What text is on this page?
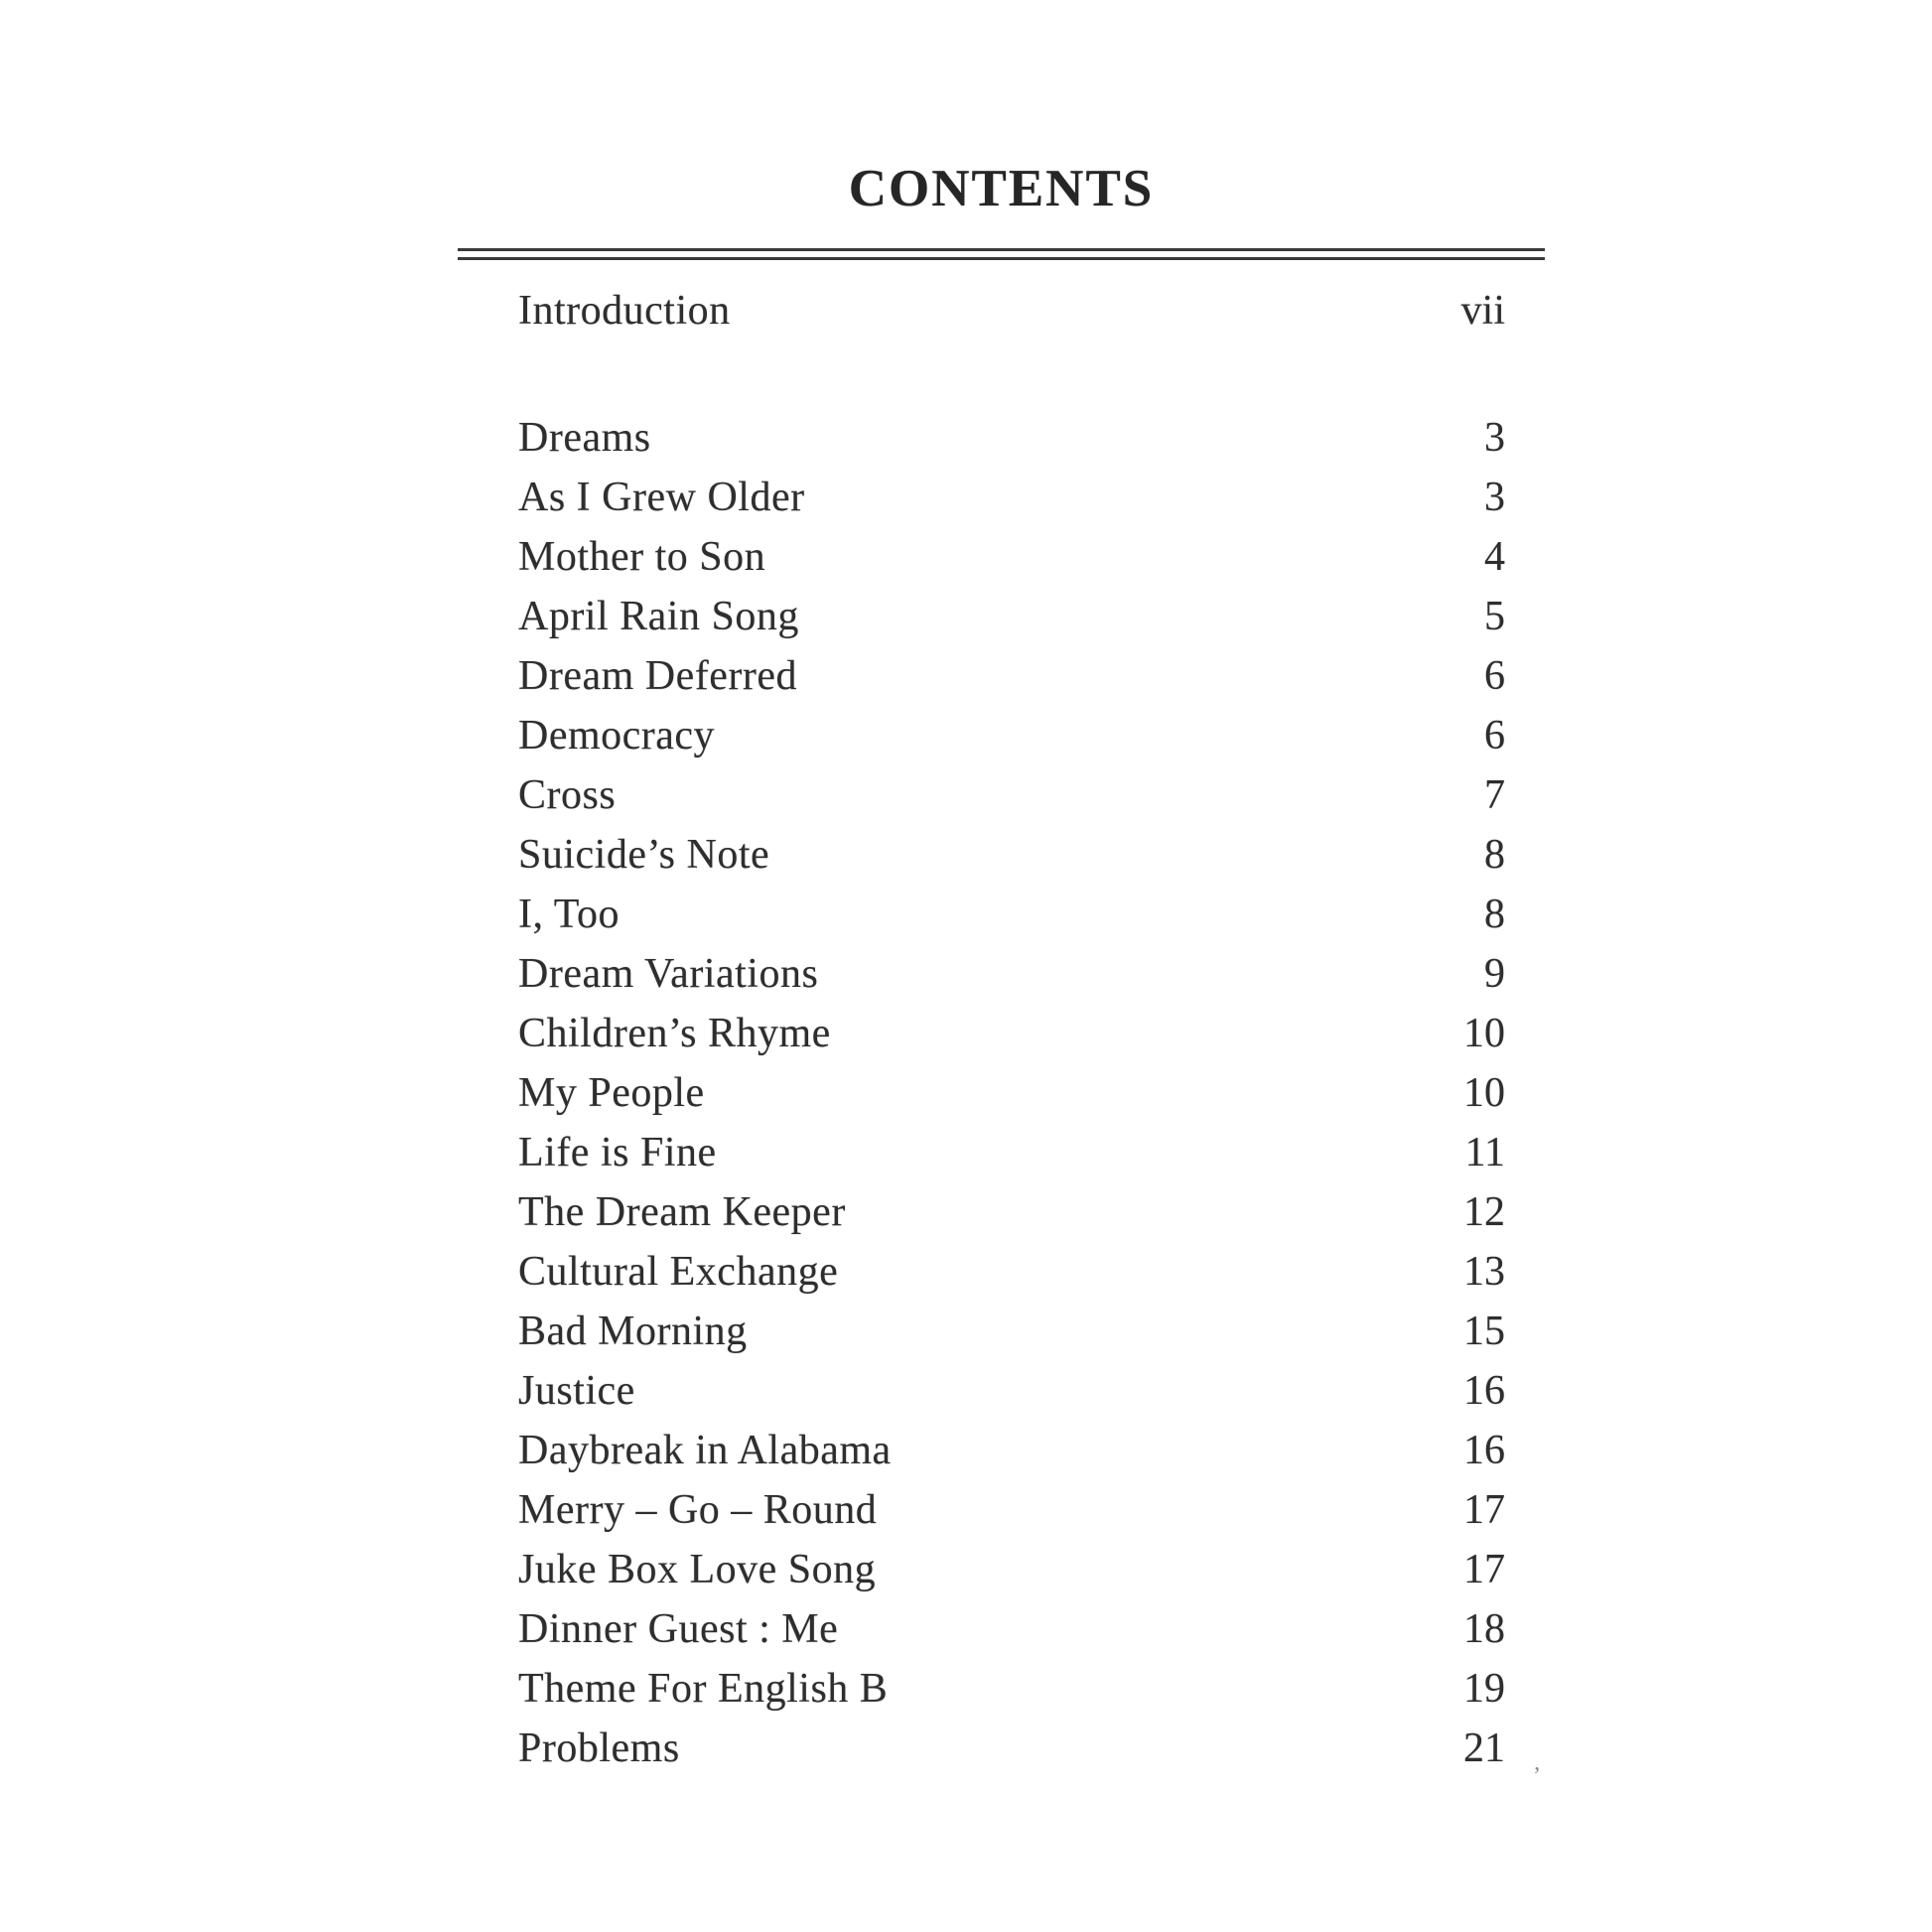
CONTENTS
Introduction	vii
Dreams	3
As I Grew Older	3
Mother to Son	4
April Rain Song	5
Dream Deferred	6
Democracy	6
Cross	7
Suicide’s Note	8
I, Too	8
Dream Variations	9
Children’s Rhyme	10
My People	10
Life is Fine	11
The Dream Keeper	12
Cultural Exchange	13
Bad Morning	15
Justice	16
Daybreak in Alabama	16
Merry – Go – Round	17
Juke Box Love Song	17
Dinner Guest : Me	18
Theme For English B	19
Problems	21
’
